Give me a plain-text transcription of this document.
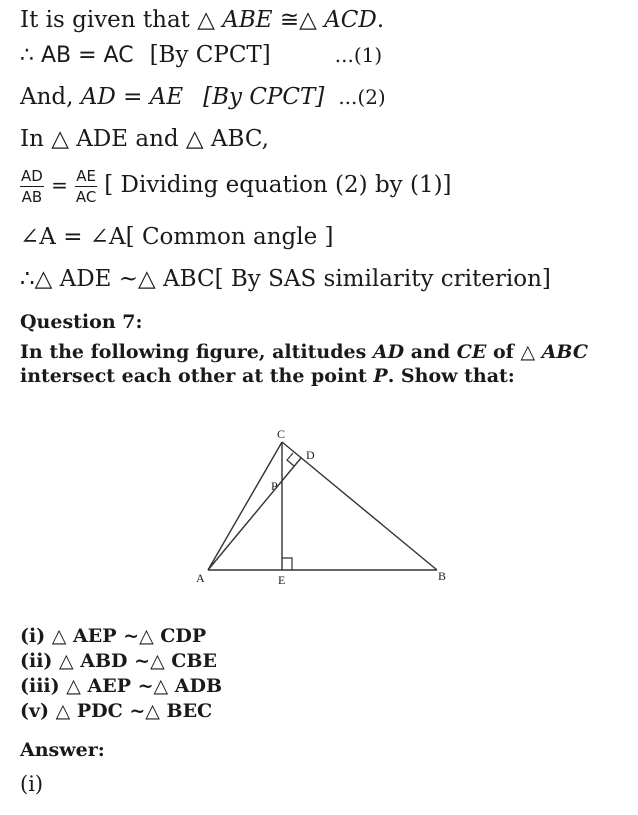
It is given that △ ABE ≅△ ACD.
∴ AB = AC [By CPCT]	...(1)
And, AD = AE [By CPCT] ...(2)
In △ ADE and △ ABC,
$\frac{AD}{AB} = \frac{AE}{AC}$ [ Dividing equation (2) by (1)]
∠A = ∠A[ Common angle ]
∴△ ADE ~△ ABC[ By SAS similarity criterion]
Question 7:
In the following figure, altitudes AD and CE of △ ABC
intersect each other at the point P. Show that:
C
D
P
A	E	B
(i) △ AEP ~△ CDP
(ii) △ ABD ~△ CBE
(iii) △ AEP ~△ ADB
(v) △ PDC ~△ BEC
Answer:
(i)
